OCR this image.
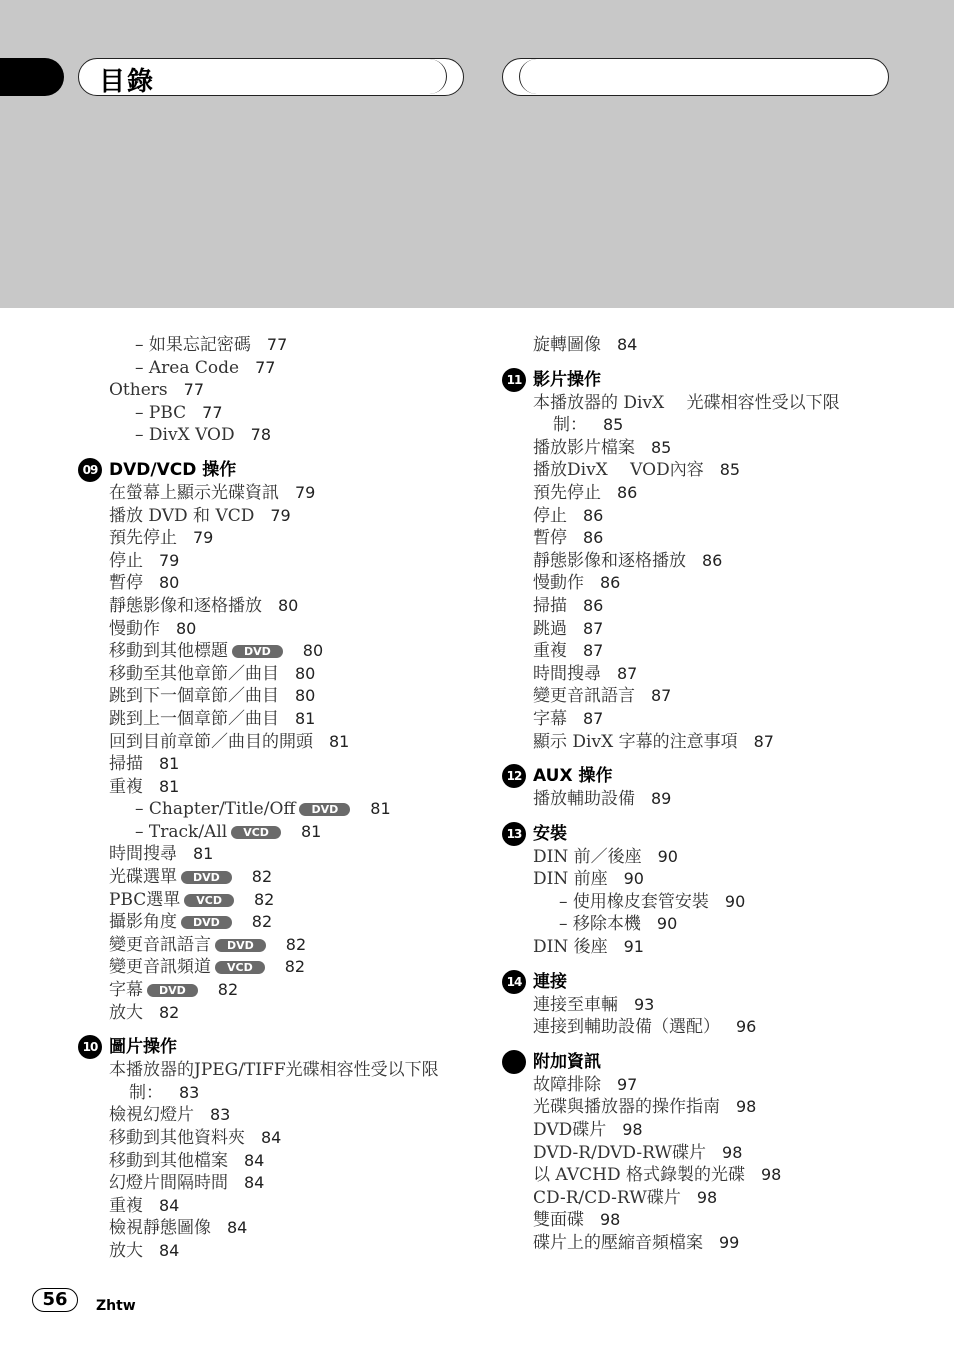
目錄
– 如果忘記密碼 77
– Area Code 77
Others 77
– PBC 77
– DivX VOD 78
09 DVD/VCD 操作
在螢幕上顯示光碟資訊 79
播放 DVD 和 VCD 79
預先停止 79
停止 79
暫停 80
靜態影像和逐格播放 80
慢動作 80
移動到其他標題 DVD 80
移動至其他章節／曲目 80
跳到下一個章節／曲目 80
跳到上一個章節／曲目 81
回到目前章節／曲目的開頭 81
掃描 81
重複 81
– Chapter/Title/Off DVD 81
– Track/All VCD 81
時間搜尋 81
光碟選單 DVD 82
PBC選單 VCD 82
攝影角度 DVD 82
變更音訊語言 DVD 82
變更音訊頻道 VCD 82
字幕 DVD 82
放大 82
10 圖片操作
本播放器的JPEG/TIFF光碟相容性受以下限
制： 83
檢視幻燈片 83
移動到其他資料夾 84
移動到其他檔案 84
幻燈片間隔時間 84
重複 84
檢視靜態圖像 84
放大 84
旋轉圖像 84
11 影片操作
本播放器的 DivX　 光碟相容性受以下限
制： 85
播放影片檔案 85
播放DivX　 VOD內容 85
預先停止 86
停止 86
暫停 86
靜態影像和逐格播放 86
慢動作 86
掃描 86
跳過 87
重複 87
時間搜尋 87
變更音訊語言 87
字幕 87
顯示 DivX 字幕的注意事項 87
12 AUX 操作
播放輔助設備 89
13 安裝
DIN 前／後座 90
DIN 前座 90
– 使用橡皮套管安裝 90
– 移除本機 90
DIN 後座 91
14 連接
連接至車輛 93
連接到輔助設備（選配） 96
附加資訊
故障排除 97
光碟與播放器的操作指南 98
DVD碟片 98
DVD-R/DVD-RW碟片 98
以 AVCHD 格式錄製的光碟 98
CD-R/CD-RW碟片 98
雙面碟 98
碟片上的壓縮音頻檔案 99
56	Zhtw
